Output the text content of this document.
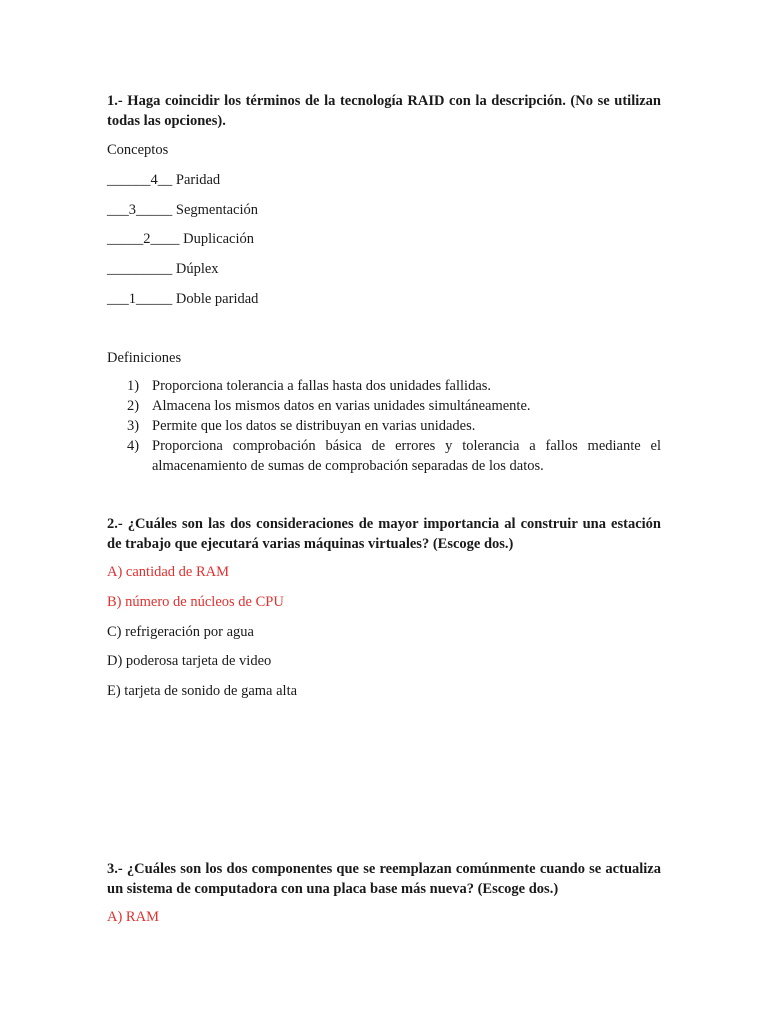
1.- Haga coincidir los términos de la tecnología RAID con la descripción. (No se utilizan todas las opciones).

Conceptos

______4__ Paridad

___3_____ Segmentación

_____2____ Duplicación

_________ Dúplex

___1_____ Doble paridad

Definiciones

1) Proporciona tolerancia a fallas hasta dos unidades fallidas.
2) Almacena los mismos datos en varias unidades simultáneamente.
3) Permite que los datos se distribuyan en varias unidades.
4) Proporciona comprobación básica de errores y tolerancia a fallos mediante el almacenamiento de sumas de comprobación separadas de los datos.

2.- ¿Cuáles son las dos consideraciones de mayor importancia al construir una estación de trabajo que ejecutará varias máquinas virtuales? (Escoge dos.)

A) cantidad de RAM

B) número de núcleos de CPU

C) refrigeración por agua

D) poderosa tarjeta de video

E) tarjeta de sonido de gama alta

3.- ¿Cuáles son los dos componentes que se reemplazan comúnmente cuando se actualiza un sistema de computadora con una placa base más nueva? (Escoge dos.)

A) RAM
